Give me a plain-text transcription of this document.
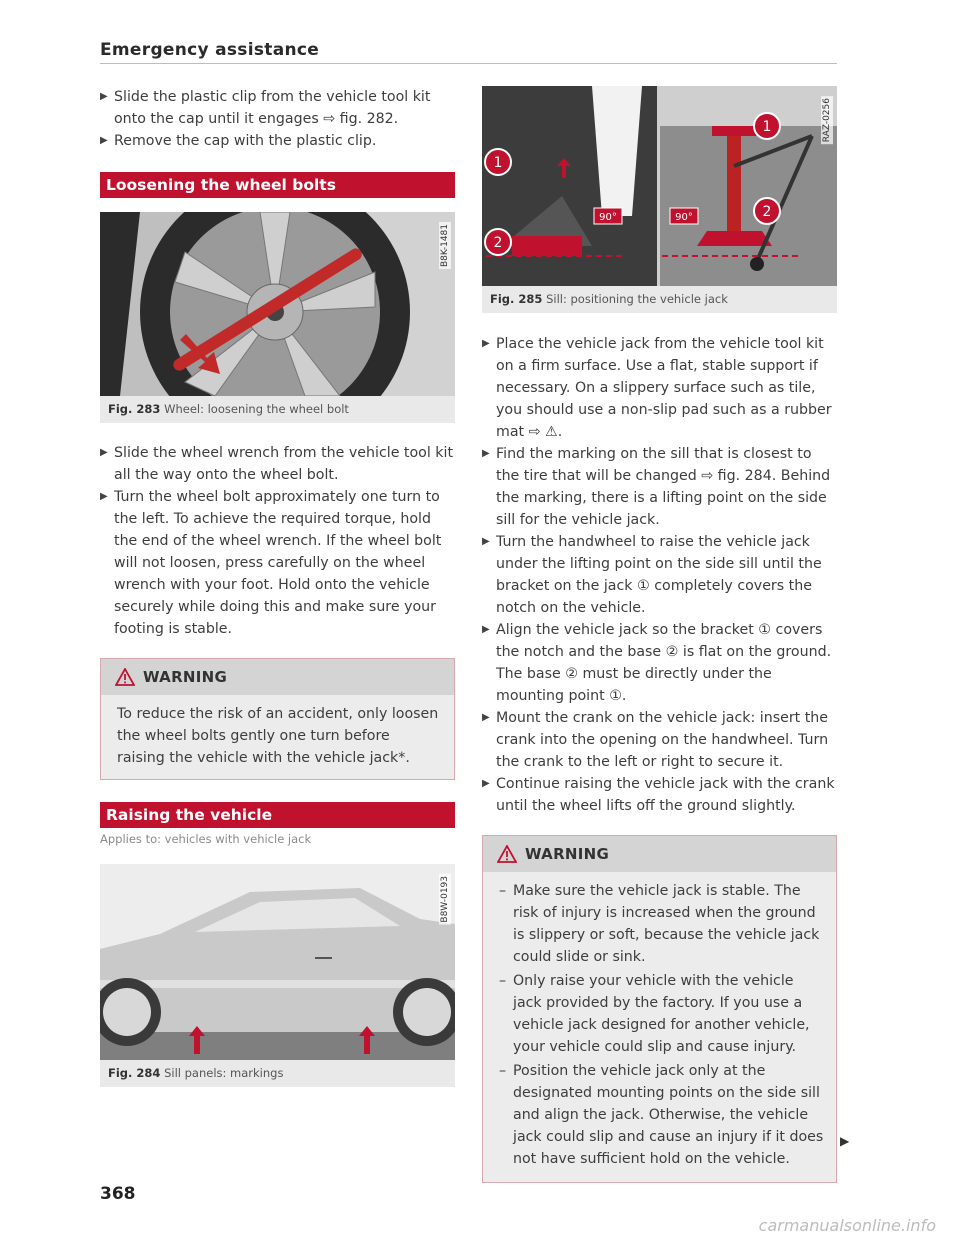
Emergency assistance
▶ Slide the plastic clip from the vehicle tool kit onto the cap until it engages ⇨ fig. 282.
▶ Remove the cap with the plastic clip.
Loosening the wheel bolts
B8K-1481
Fig. 283 Wheel: loosening the wheel bolt
▶ Slide the wheel wrench from the vehicle tool kit all the way onto the wheel bolt.
▶ Turn the wheel bolt approximately one turn to the left. To achieve the required torque, hold the end of the wheel wrench. If the wheel bolt will not loosen, press carefully on the wheel wrench with your foot. Hold onto the vehicle securely while doing this and make sure your footing is stable.
WARNING
To reduce the risk of an accident, only loosen the wheel bolts gently one turn before raising the vehicle with the vehicle jack*.
Raising the vehicle
Applies to: vehicles with vehicle jack
B8W-0193
Fig. 284 Sill panels: markings
1
2
1
2
90°	90°
RAZ-0256
Fig. 285 Sill: positioning the vehicle jack
▶ Place the vehicle jack from the vehicle tool kit on a firm surface. Use a flat, stable support if necessary. On a slippery surface such as tile, you should use a non-slip pad such as a rubber mat ⇨ ⚠.
▶ Find the marking on the sill that is closest to the tire that will be changed ⇨ fig. 284. Behind the marking, there is a lifting point on the side sill for the vehicle jack.
▶ Turn the handwheel to raise the vehicle jack under the lifting point on the side sill until the bracket on the jack ① completely covers the notch on the vehicle.
▶ Align the vehicle jack so the bracket ① covers the notch and the base ② is flat on the ground. The base ② must be directly under the mounting point ①.
▶ Mount the crank on the vehicle jack: insert the crank into the opening on the handwheel. Turn the crank to the left or right to secure it.
▶ Continue raising the vehicle jack with the crank until the wheel lifts off the ground slightly.
WARNING
– Make sure the vehicle jack is stable. The risk of injury is increased when the ground is slippery or soft, because the vehicle jack could slide or sink.
– Only raise your vehicle with the vehicle jack provided by the factory. If you use a vehicle jack designed for another vehicle, your vehicle could slip and cause injury.
– Position the vehicle jack only at the designated mounting points on the side sill and align the jack. Otherwise, the vehicle jack could slip and cause an injury if it does not have sufficient hold on the vehicle.
▶
368
carmanualsonline.info
